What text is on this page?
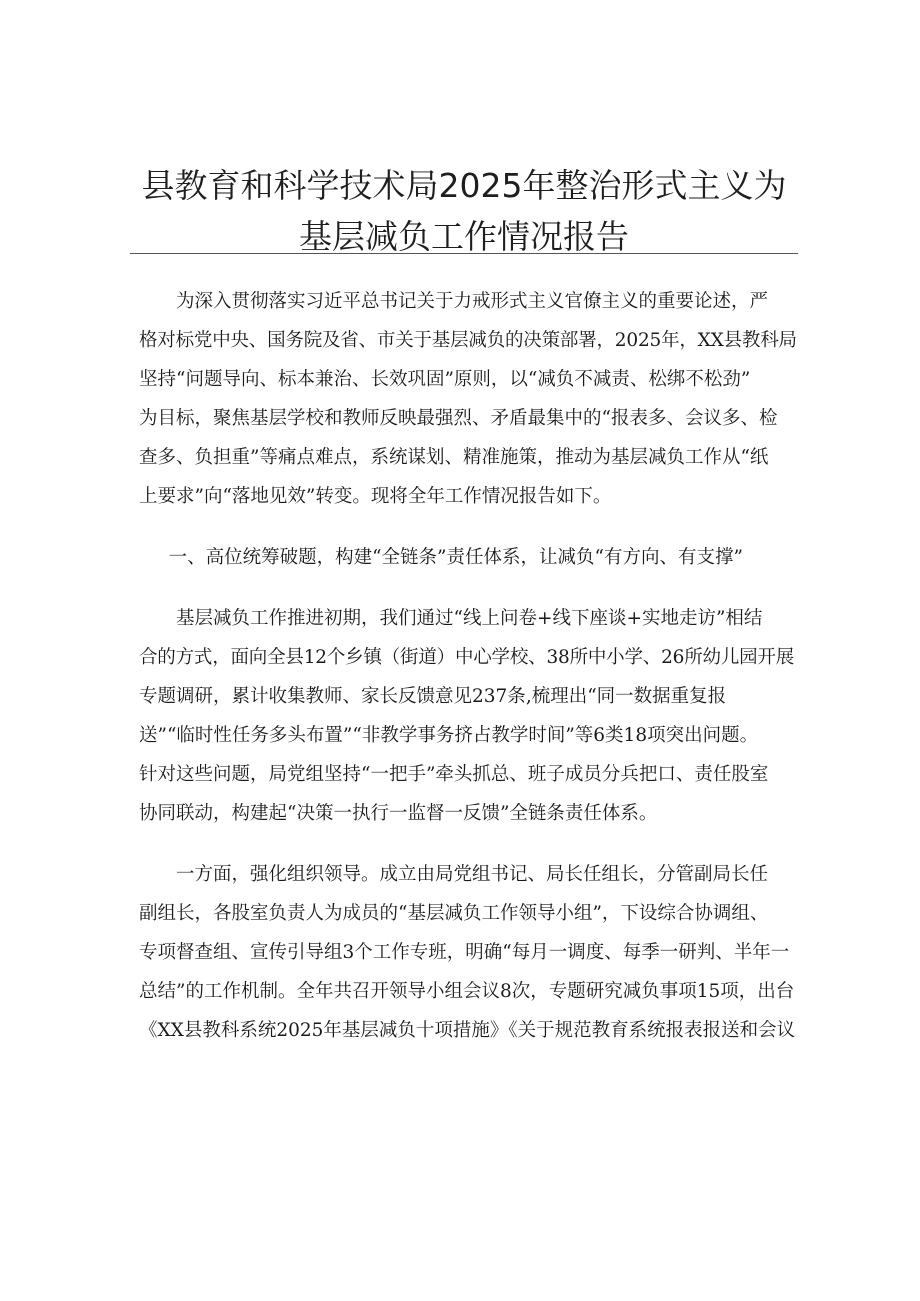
县教育和科学技术局2025年整治形式主义为
基层减负工作情况报告
为深入贯彻落实习近平总书记关于力戒形式主义官僚主义的重要论述，严
格对标党中央、国务院及省、市关于基层减负的决策部署，2025年，XX县教科局
坚持“问题导向、标本兼治、长效巩固”原则，以“减负不减责、松绑不松劲”
为目标，聚焦基层学校和教师反映最强烈、矛盾最集中的“报表多、会议多、检
查多、负担重”等痛点难点，系统谋划、精准施策，推动为基层减负工作从“纸
上要求”向“落地见效”转变。现将全年工作情况报告如下。
一、高位统筹破题，构建“全链条”责任体系，让减负“有方向、有支撑”
基层减负工作推进初期，我们通过“线上问卷+线下座谈+实地走访”相结
合的方式，面向全县12个乡镇（街道）中心学校、38所中小学、26所幼儿园开展
专题调研，累计收集教师、家长反馈意见237条,梳理出“同一数据重复报
送”“临时性任务多头布置”“非教学事务挤占教学时间”等6类18项突出问题。
针对这些问题，局党组坚持“一把手”牵头抓总、班子成员分兵把口、责任股室
协同联动，构建起“决策一执行一监督一反馈”全链条责任体系。
一方面，强化组织领导。成立由局党组书记、局长任组长，分管副局长任
副组长，各股室负责人为成员的“基层减负工作领导小组”，下设综合协调组、
专项督查组、宣传引导组3个工作专班，明确“每月一调度、每季一研判、半年一
总结”的工作机制。全年共召开领导小组会议8次，专题研究减负事项15项，出台
《XX县教科系统2025年基层减负十项措施》《关于规范教育系统报表报送和会议
